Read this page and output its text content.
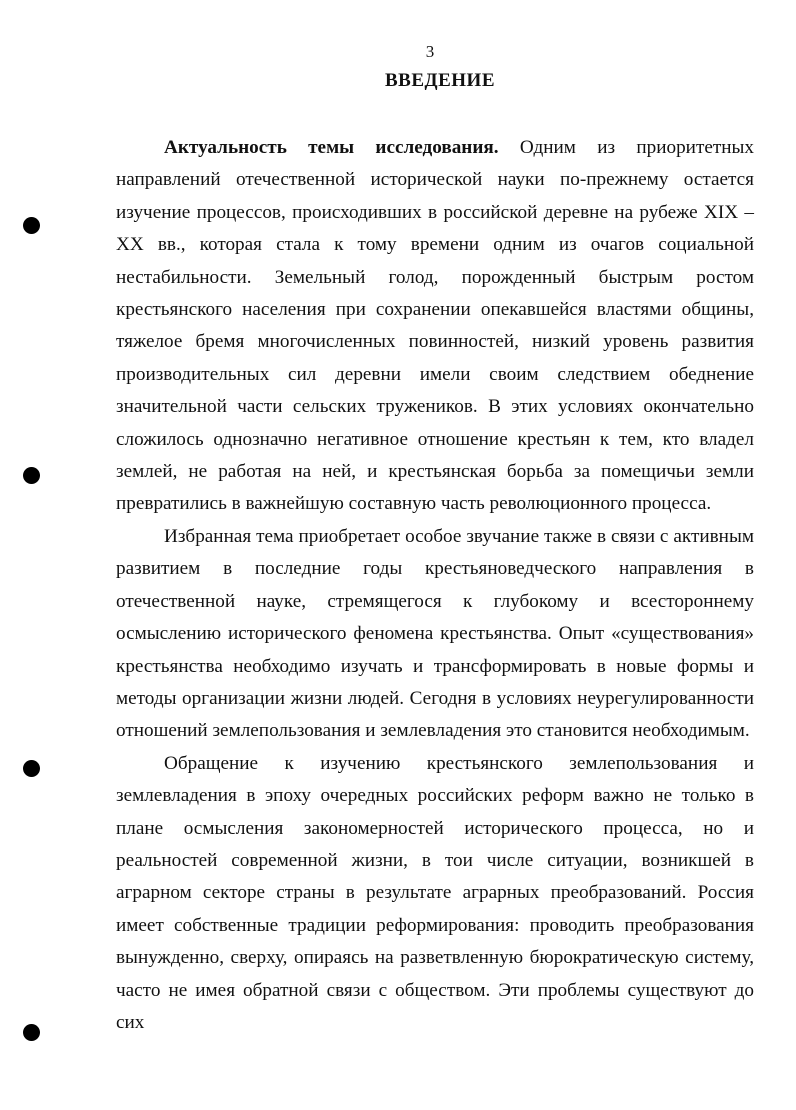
3
ВВЕДЕНИЕ

Актуальность темы исследования. Одним из приоритетных направлений отечественной исторической науки по-прежнему остается изучение процессов, происходивших в российской деревне на рубеже XIX – XX вв., которая стала к тому времени одним из очагов социальной нестабильности. Земельный голод, порожденный быстрым ростом крестьянского населения при сохранении опекавшейся властями общины, тяжелое бремя многочисленных повинностей, низкий уровень развития производительных сил деревни имели своим следствием обеднение значительной части сельских тружеников. В этих условиях окончательно сложилось однозначно негативное отношение крестьян к тем, кто владел землей, не работая на ней, и крестьянская борьба за помещичьи земли превратились в важнейшую составную часть революционного процесса.

Избранная тема приобретает особое звучание также в связи с активным развитием в последние годы крестьяноведческого направления в отечественной науке, стремящегося к глубокому и всестороннему осмыслению исторического феномена крестьянства. Опыт «существования» крестьянства необходимо изучать и трансформировать в новые формы и методы организации жизни людей. Сегодня в условиях неурегулированности отношений землепользования и землевладения это становится необходимым.

Обращение к изучению крестьянского землепользования и землевладения в эпоху очередных российских реформ важно не только в плане осмысления закономерностей исторического процесса, но и реальностей современной жизни, в тои числе ситуации, возникшей в аграрном секторе страны в результате аграрных преобразований. Россия имеет собственные традиции реформирования: проводить преобразования вынужденно, сверху, опираясь на разветвленную бюрократическую систему, часто не имея обратной связи с обществом. Эти проблемы существуют до сих
